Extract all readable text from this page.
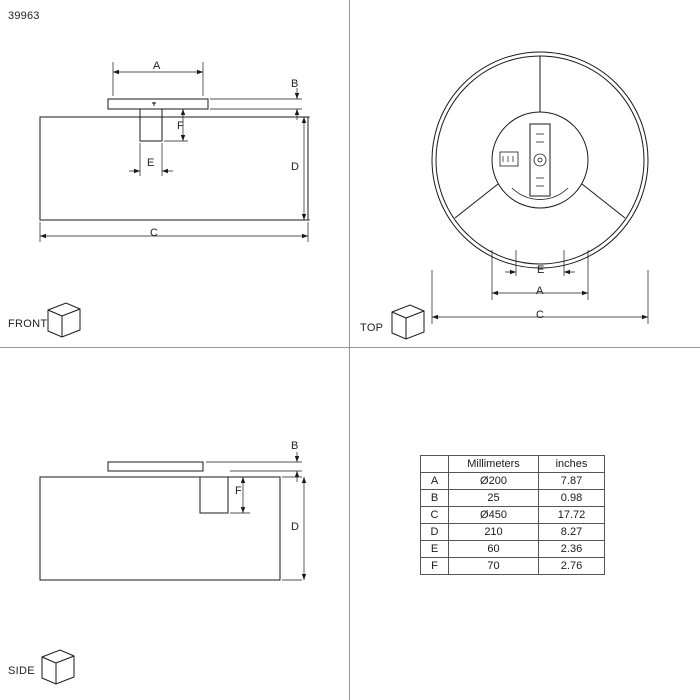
39963
A
B
D
C
F
E
E
A
C
B
D
F
FRONT	TOP
SIDE
	Millimeters	inches
A	Ø200	7.87
B	25	0.98
C	Ø450	17.72
D	210	8.27
E	60	2.36
F	70	2.76
